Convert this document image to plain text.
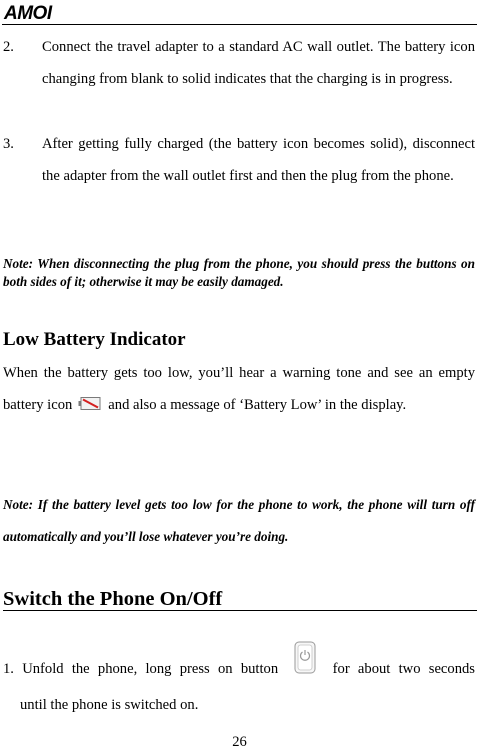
AMOI
2. Connect the travel adapter to a standard AC wall outlet. The battery icon changing from blank to solid indicates that the charging is in progress.
3. After getting fully charged (the battery icon becomes solid), disconnect the adapter from the wall outlet first and then the plug from the phone.
Note: When disconnecting the plug from the phone, you should press the buttons on both sides of it; otherwise it may be easily damaged.
Low Battery Indicator
When the battery gets too low, you’ll hear a warning tone and see an empty battery icon and also a message of ‘Battery Low’ in the display.
Note: If the battery level gets too low for the phone to work, the phone will turn off automatically and you’ll lose whatever you’re doing.
Switch the Phone On/Off
1. Unfold the phone, long press on button	for about two seconds
until the phone is switched on.
26
